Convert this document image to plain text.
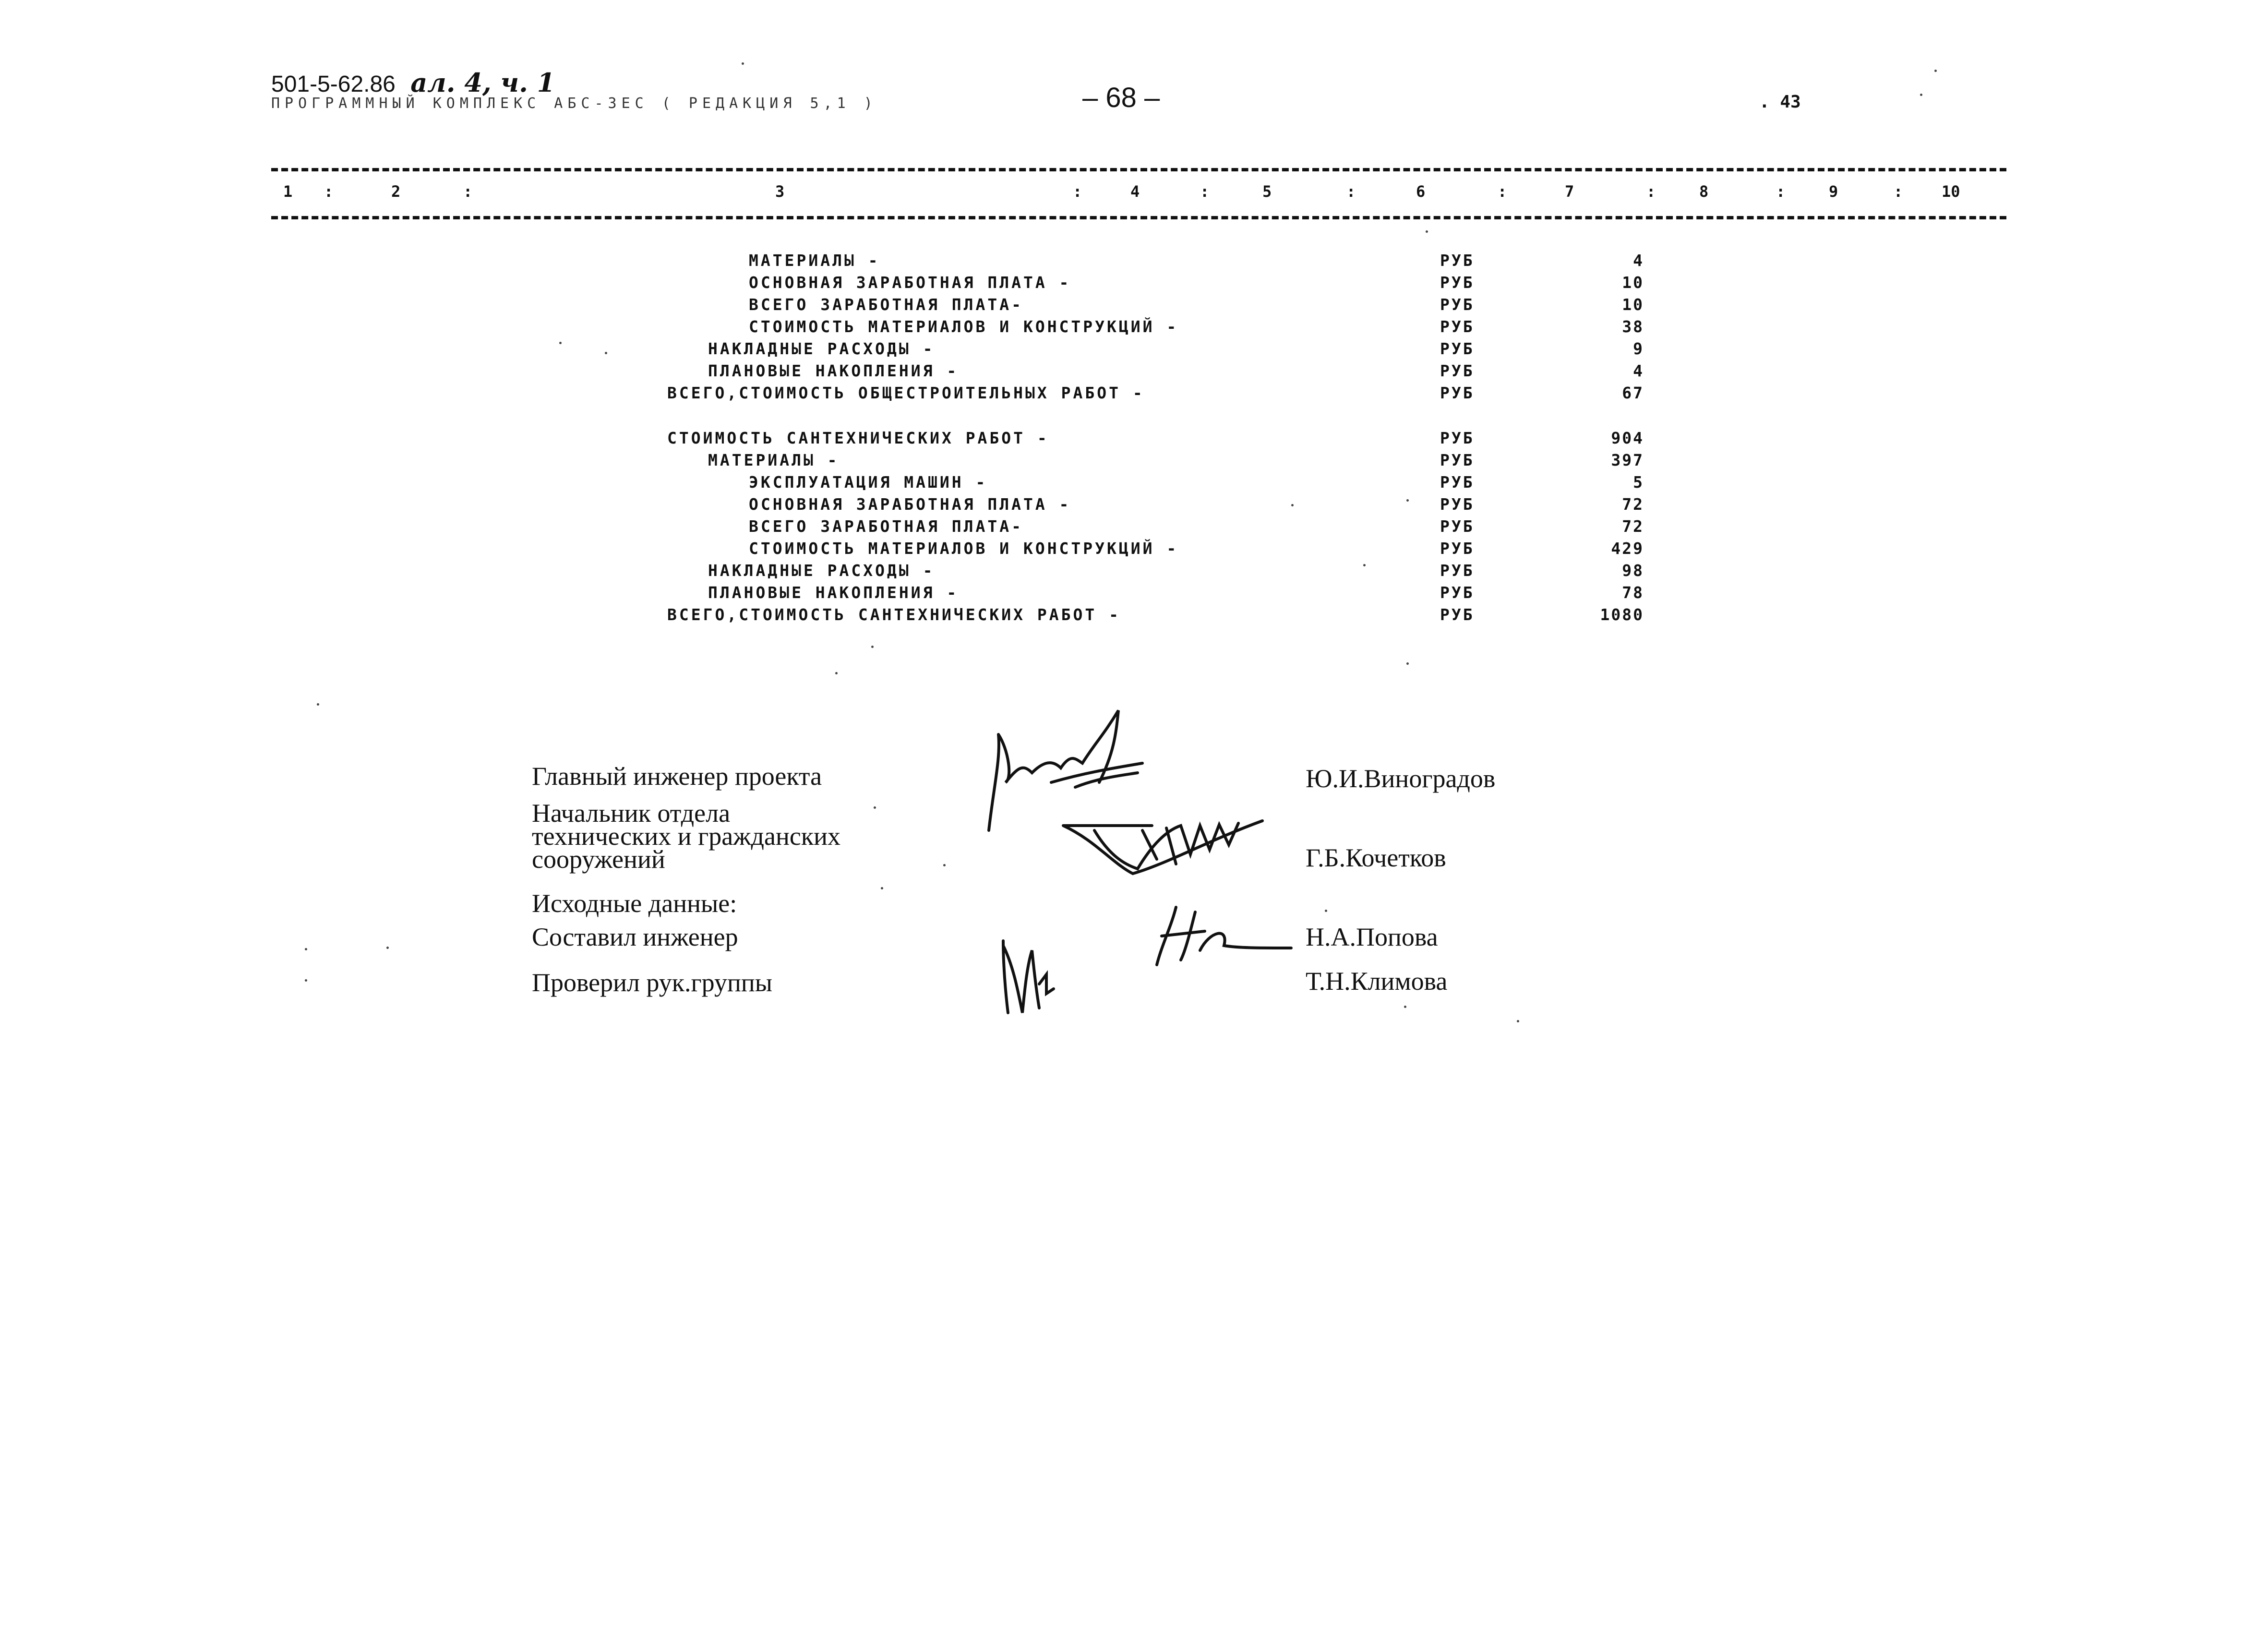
501-5-62.86 ал. 4, ч. 1
ПРОГРАММНЫЙ КОМПЛЕКС АБС-3ЕС ( РЕДАКЦИЯ 5,1 )	– 68 –	. 43
1 :	2	:	3	:	4	:	5	:	6	:	7	:	8	:	9	:	10
МАТЕРИАЛЫ -	РУБ	4
ОСНОВНАЯ ЗАРАБОТНАЯ ПЛАТА -	РУБ	10
ВСЕГО ЗАРАБОТНАЯ ПЛАТА-	РУБ	10
СТОИМОСТЬ МАТЕРИАЛОВ И КОНСТРУКЦИЙ -	РУБ	38
НАКЛАДНЫЕ РАСХОДЫ -	РУБ	9
ПЛАНОВЫЕ НАКОПЛЕНИЯ -	РУБ	4
ВСЕГО,СТОИМОСТЬ ОБЩЕСТРОИТЕЛЬНЫХ РАБОТ -	РУБ	67
СТОИМОСТЬ САНТЕХНИЧЕСКИХ РАБОТ -	РУБ	904
МАТЕРИАЛЫ -	РУБ	397
ЭКСПЛУАТАЦИЯ МАШИН -	РУБ	5
ОСНОВНАЯ ЗАРАБОТНАЯ ПЛАТА -	РУБ	72
ВСЕГО ЗАРАБОТНАЯ ПЛАТА-	РУБ	72
СТОИМОСТЬ МАТЕРИАЛОВ И КОНСТРУКЦИЙ -	РУБ	429
НАКЛАДНЫЕ РАСХОДЫ -	РУБ	98
ПЛАНОВЫЕ НАКОПЛЕНИЯ -	РУБ	78
ВСЕГО,СТОИМОСТЬ САНТЕХНИЧЕСКИХ РАБОТ -	РУБ	1080
Главный инженер проекта
Начальник отдела
технических и гражданских
сооружений
Исходные данные:
Составил инженер
Проверил рук.группы
Ю.И.Виноградов
Г.Б.Кочетков
Н.А.Попова
Т.Н.Климова
